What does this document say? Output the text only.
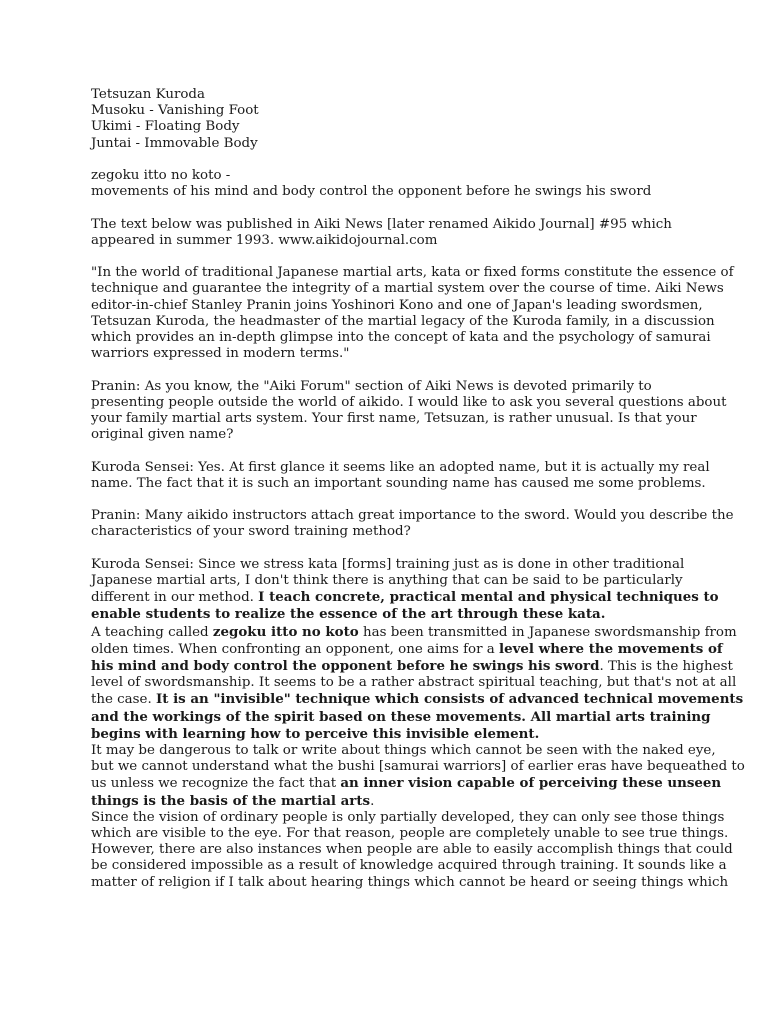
Tetsuzan Kuroda
Musoku - Vanishing Foot
Ukimi - Floating Body
Juntai - Immovable Body
zegoku itto no koto -
movements of his mind and body control the opponent before he swings his sword
The text below was published in Aiki News [later renamed Aikido Journal] #95 which
appeared in summer 1993. www.aikidojournal.com
"In the world of traditional Japanese martial arts, kata or fixed forms constitute the essence of
technique and guarantee the integrity of a martial system over the course of time. Aiki News
editor-in-chief Stanley Pranin joins Yoshinori Kono and one of Japan's leading swordsmen,
Tetsuzan Kuroda, the headmaster of the martial legacy of the Kuroda family, in a discussion
which provides an in-depth glimpse into the concept of kata and the psychology of samurai
warriors expressed in modern terms."
Pranin: As you know, the "Aiki Forum" section of Aiki News is devoted primarily to
presenting people outside the world of aikido. I would like to ask you several questions about
your family martial arts system. Your first name, Tetsuzan, is rather unusual. Is that your
original given name?
Kuroda Sensei: Yes. At first glance it seems like an adopted name, but it is actually my real
name. The fact that it is such an important sounding name has caused me some problems.
Pranin: Many aikido instructors attach great importance to the sword. Would you describe the
characteristics of your sword training method?
Kuroda Sensei: Since we stress kata [forms] training just as is done in other traditional
Japanese martial arts, I don't think there is anything that can be said to be particularly
different in our method. I teach concrete, practical mental and physical techniques to
enable students to realize the essence of the art through these kata.
A teaching called zegoku itto no koto has been transmitted in Japanese swordsmanship from
olden times. When confronting an opponent, one aims for a level where the movements of
his mind and body control the opponent before he swings his sword. This is the highest
level of swordsmanship. It seems to be a rather abstract spiritual teaching, but that's not at all
the case. It is an "invisible" technique which consists of advanced technical movements
and the workings of the spirit based on these movements. All martial arts training
begins with learning how to perceive this invisible element.
It may be dangerous to talk or write about things which cannot be seen with the naked eye,
but we cannot understand what the bushi [samurai warriors] of earlier eras have bequeathed to
us unless we recognize the fact that an inner vision capable of perceiving these unseen
things is the basis of the martial arts.
Since the vision of ordinary people is only partially developed, they can only see those things
which are visible to the eye. For that reason, people are completely unable to see true things.
However, there are also instances when people are able to easily accomplish things that could
be considered impossible as a result of knowledge acquired through training. It sounds like a
matter of religion if I talk about hearing things which cannot be heard or seeing things which
